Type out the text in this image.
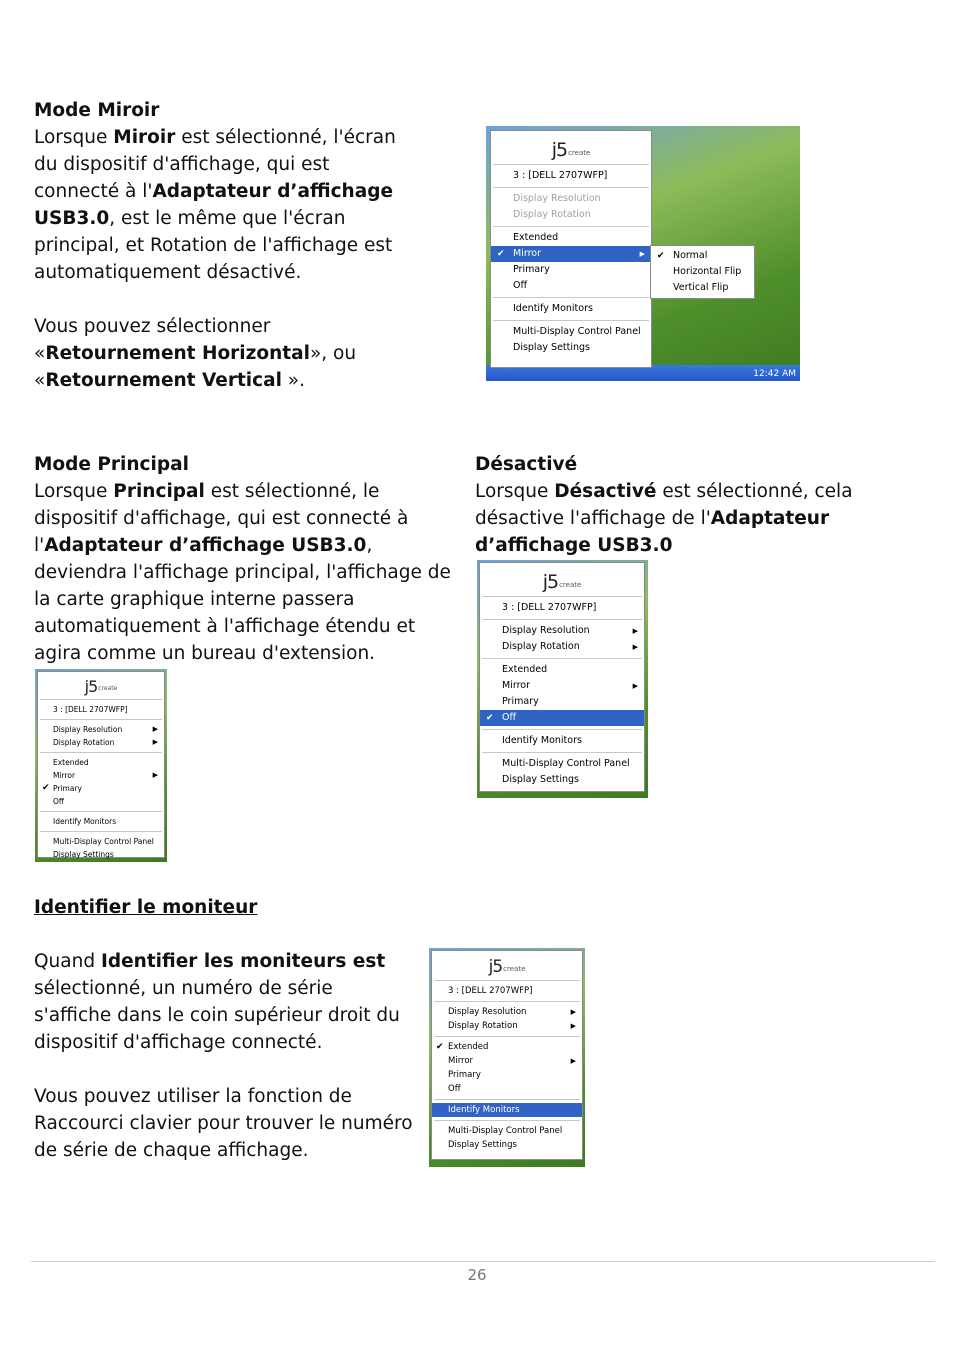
Mode Miroir

Lorsque Miroir est sélectionné, l'écran du dispositif d'affichage, qui est connecté à l'Adaptateur d’affichage USB3.0, est le même que l'écran principal, et Rotation de l'affichage est automatiquement désactivé.

Vous pouvez sélectionner «Retournement Horizontal», ou «Retournement Vertical ».	12:42 AM
j5 create
3 : [DELL 2707WFP]
Display Resolution
Display Rotation
Extended
✔ Mirror	▶
Primary
Off
Identify Monitors
Multi-Display Control Panel
Display Settings
✔ Normal
Horizontal Flip
Vertical Flip

Mode Principal

Lorsque Principal est sélectionné, le dispositif d'affichage, qui est connecté à l'Adaptateur d’affichage USB3.0, deviendra l'affichage principal, l'affichage de la carte graphique interne passera automatiquement à l'affichage étendu et agira comme un bureau d'extension.

j5 create
3 : [DELL 2707WFP]
Display Resolution	▶
Display Rotation	▶
Extended
Mirror	▶
✔ Primary
Off
Identify Monitors
Multi-Display Control Panel
Display Settings

Désactivé

Lorsque Désactivé est sélectionné, cela désactive l'affichage de l'Adaptateur d’affichage USB3.0

j5 create
3 : [DELL 2707WFP]
Display Resolution	▶
Display Rotation	▶
Extended
Mirror	▶
Primary
✔ Off
Identify Monitors
Multi-Display Control Panel
Display Settings

Identifier le moniteur

Quand Identifier les moniteurs est sélectionné, un numéro de série s'affiche dans le coin supérieur droit du dispositif d'affichage connecté.

Vous pouvez utiliser la fonction de Raccourci clavier pour trouver le numéro de série de chaque affichage.

j5 create
3 : [DELL 2707WFP]
Display Resolution	▶
Display Rotation	▶
✔ Extended
Mirror	▶
Primary
Off
Identify Monitors
Multi-Display Control Panel
Display Settings
26
